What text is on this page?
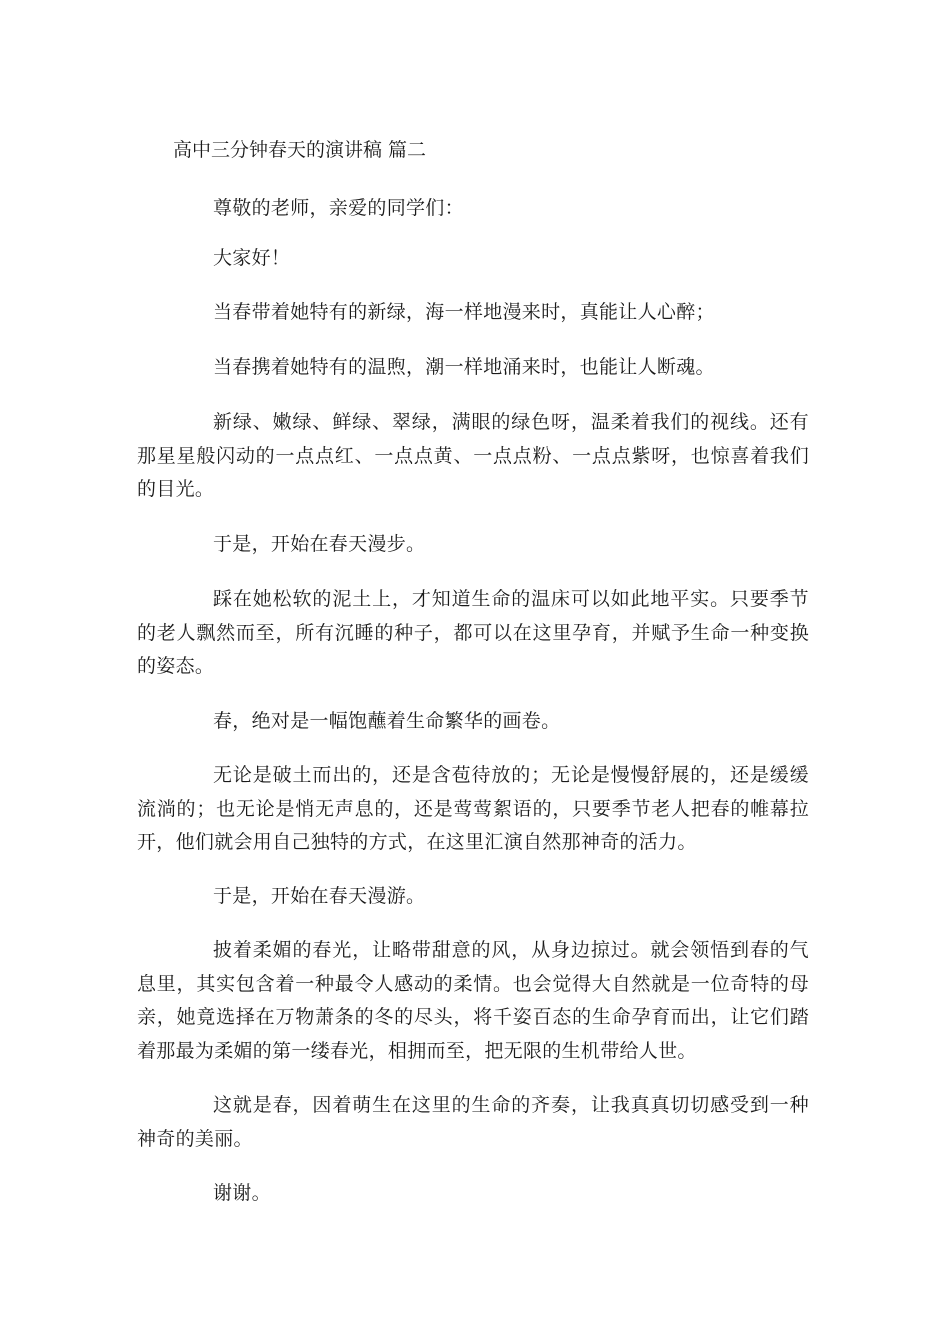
高中三分钟春天的演讲稿 篇二

尊敬的老师，亲爱的同学们：

大家好！

当春带着她特有的新绿，海一样地漫来时，真能让人心醉；

当春携着她特有的温煦，潮一样地涌来时，也能让人断魂。

新绿、嫩绿、鲜绿、翠绿，满眼的绿色呀，温柔着我们的视线。还有那星星般闪动的一点点红、一点点黄、一点点粉、一点点紫呀，也惊喜着我们的目光。

于是，开始在春天漫步。

踩在她松软的泥土上，才知道生命的温床可以如此地平实。只要季节的老人飘然而至，所有沉睡的种子，都可以在这里孕育，并赋予生命一种变换的姿态。

春，绝对是一幅饱蘸着生命繁华的画卷。

无论是破土而出的，还是含苞待放的；无论是慢慢舒展的，还是缓缓流淌的；也无论是悄无声息的，还是莺莺絮语的，只要季节老人把春的帷幕拉开，他们就会用自己独特的方式，在这里汇演自然那神奇的活力。

于是，开始在春天漫游。

披着柔媚的春光，让略带甜意的风，从身边掠过。就会领悟到春的气息里，其实包含着一种最令人感动的柔情。也会觉得大自然就是一位奇特的母亲，她竟选择在万物萧条的冬的尽头，将千姿百态的生命孕育而出，让它们踏着那最为柔媚的第一缕春光，相拥而至，把无限的生机带给人世。

这就是春，因着萌生在这里的生命的齐奏，让我真真切切感受到一种神奇的美丽。

谢谢。
